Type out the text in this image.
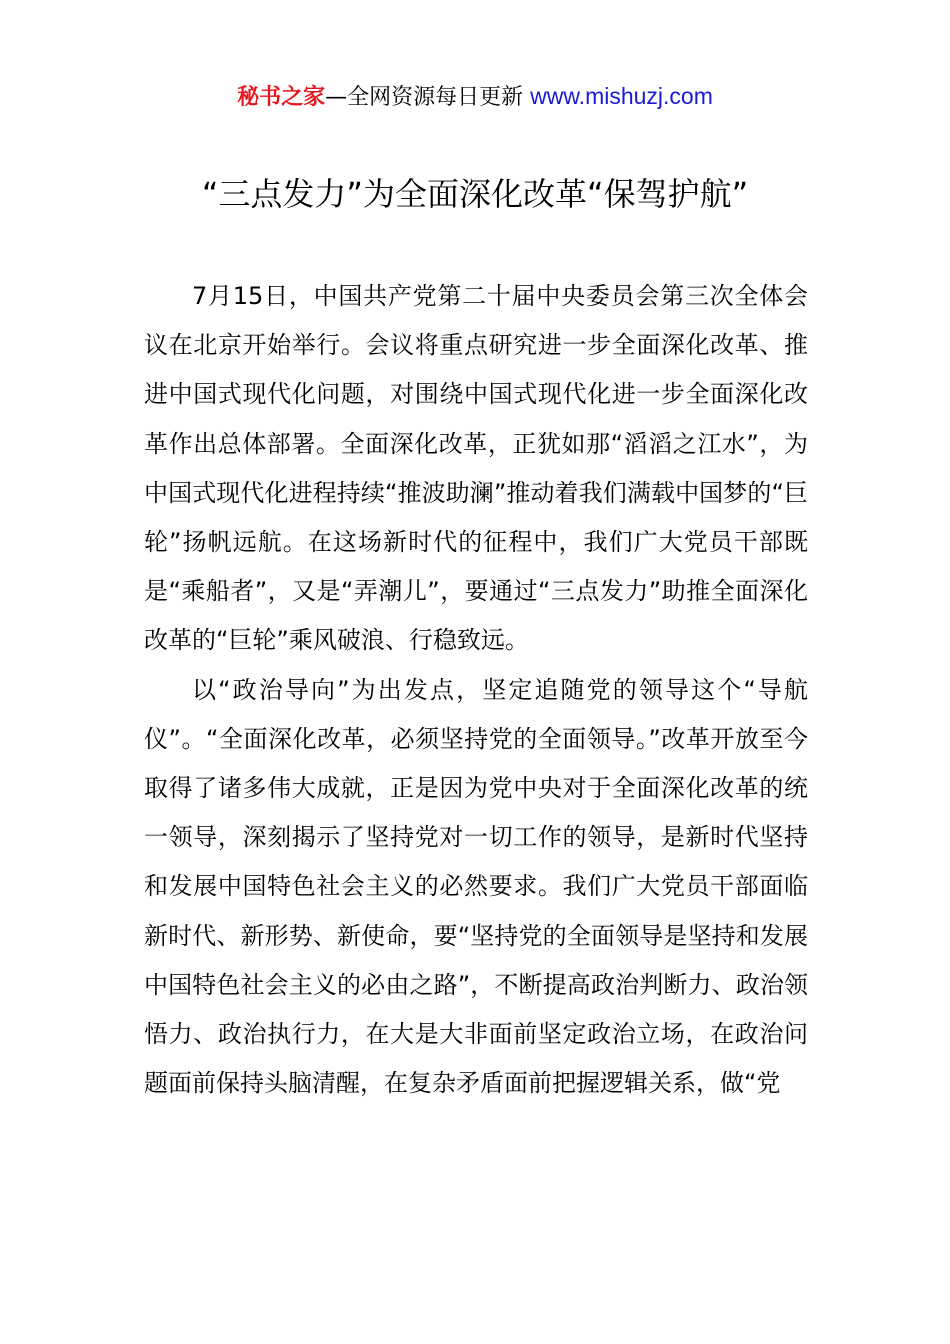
秘书之家—全网资源每日更新 www.mishuzj.com
“三点发力”为全面深化改革“保驾护航”

7月15日，中国共产党第二十届中央委员会第三次全体会议在北京开始举行。会议将重点研究进一步全面深化改革、推进中国式现代化问题，对围绕中国式现代化进一步全面深化改革作出总体部署。全面深化改革，正犹如那“滔滔之江水”，为中国式现代化进程持续“推波助澜”推动着我们满载中国梦的“巨轮”扬帆远航。在这场新时代的征程中，我们广大党员干部既是“乘船者”，又是“弄潮儿”，要通过“三点发力”助推全面深化改革的“巨轮”乘风破浪、行稳致远。

以“政治导向”为出发点，坚定追随党的领导这个“导航仪”。“全面深化改革，必须坚持党的全面领导。”改革开放至今取得了诸多伟大成就，正是因为党中央对于全面深化改革的统一领导，深刻揭示了坚持党对一切工作的领导，是新时代坚持和发展中国特色社会主义的必然要求。我们广大党员干部面临新时代、新形势、新使命，要“坚持党的全面领导是坚持和发展中国特色社会主义的必由之路”，不断提高政治判断力、政治领悟力、政治执行力，在大是大非面前坚定政治立场，在政治问题面前保持头脑清醒，在复杂矛盾面前把握逻辑关系，做“党
